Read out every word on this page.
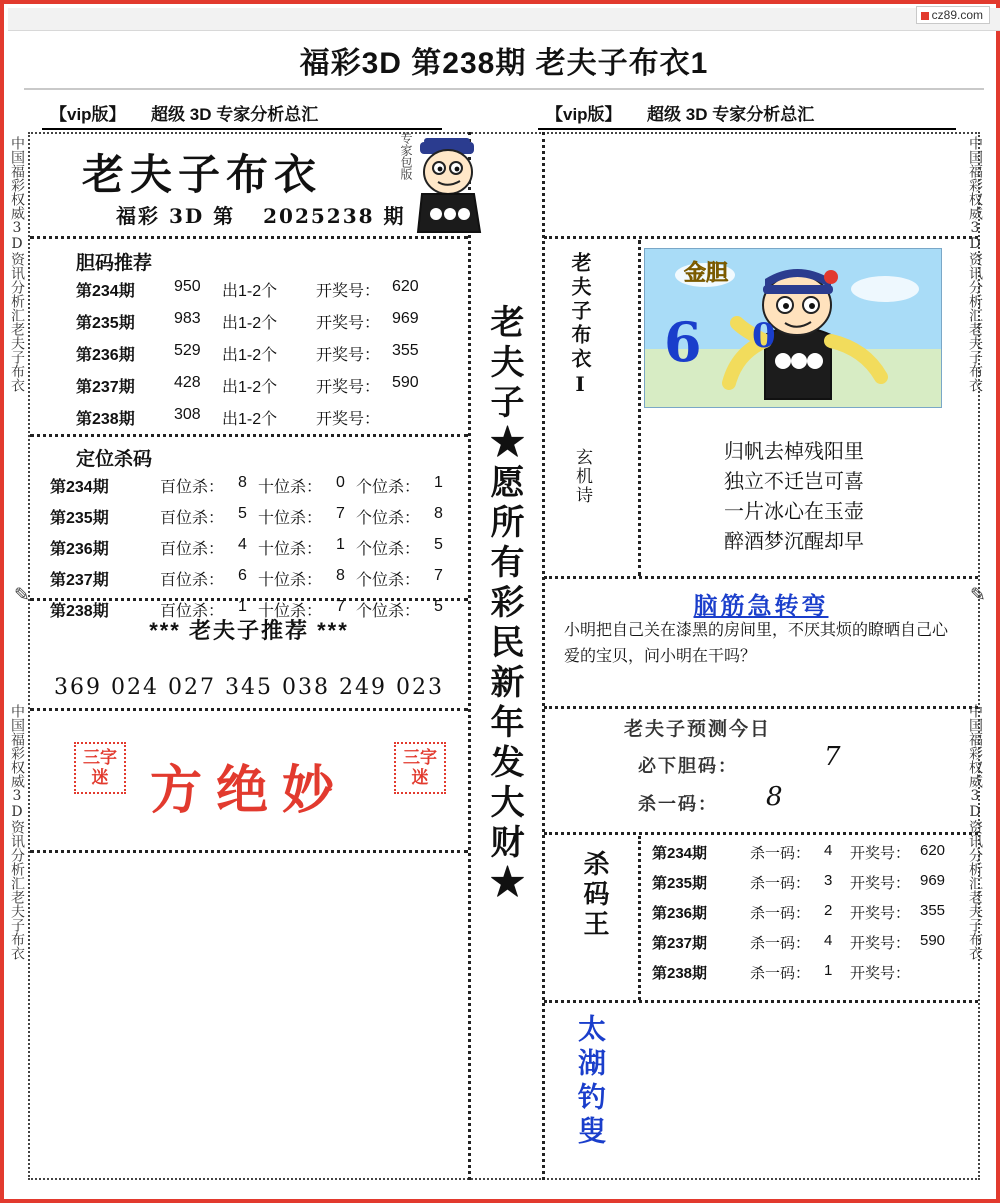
cz89.com
福彩3D 第238期 老夫子布衣1
【vip版】 超级 3D 专家分析总汇	【vip版】 超级 3D 专家分析总汇
老夫子布衣
福彩 3D 第 2025238 期
专家包版
胆码推荐
第234期 950 出1-2个 开奖号： 620
第235期 983 出1-2个 开奖号： 969
第236期 529 出1-2个 开奖号： 355
第237期 428 出1-2个 开奖号： 590
第238期 308 出1-2个 开奖号：
定位杀码
第234期	百位杀： 8 十位杀： 0 个位杀： 1
第235期	百位杀： 5 十位杀： 7 个位杀： 8
第236期	百位杀： 4 十位杀： 1 个位杀： 5
第237期	百位杀： 6 十位杀： 8 个位杀： 7
第238期	百位杀： 1 十位杀： 7 个位杀： 5
*** 老夫子推荐 ***
369 024 027 345 038 249 023
三字迷
三字迷
方绝妙	老夫子★愿所有彩民新年发大财★ 老夫子布衣Ⅰ
玄机诗
金胆
6 0
归帆去棹残阳里
独立不迁岂可喜
一片冰心在玉壶
醉酒梦沉醒却早
脑筋急转弯
小明把自己关在漆黑的房间里，不厌其烦的瞭晒自己心爱的宝贝，问小明在干吗？
老夫子预测今日
必下胆码：	7
杀一码： 8
杀码王	第234期	杀一码： 4 开奖号： 620
第235期	杀一码： 3 开奖号： 969
第236期	杀一码： 2 开奖号： 355
第237期	杀一码： 4 开奖号： 590
第238期	杀一码： 1 开奖号：
太湖钓叟
中国福彩权威3D资讯分析汇老夫子布衣
中国福彩权威3D资讯分析汇老夫子布衣
中国福彩权威3D资讯分析汇老夫子布衣
中国福彩权威3D资讯分析汇老夫子布衣
✎	✎
